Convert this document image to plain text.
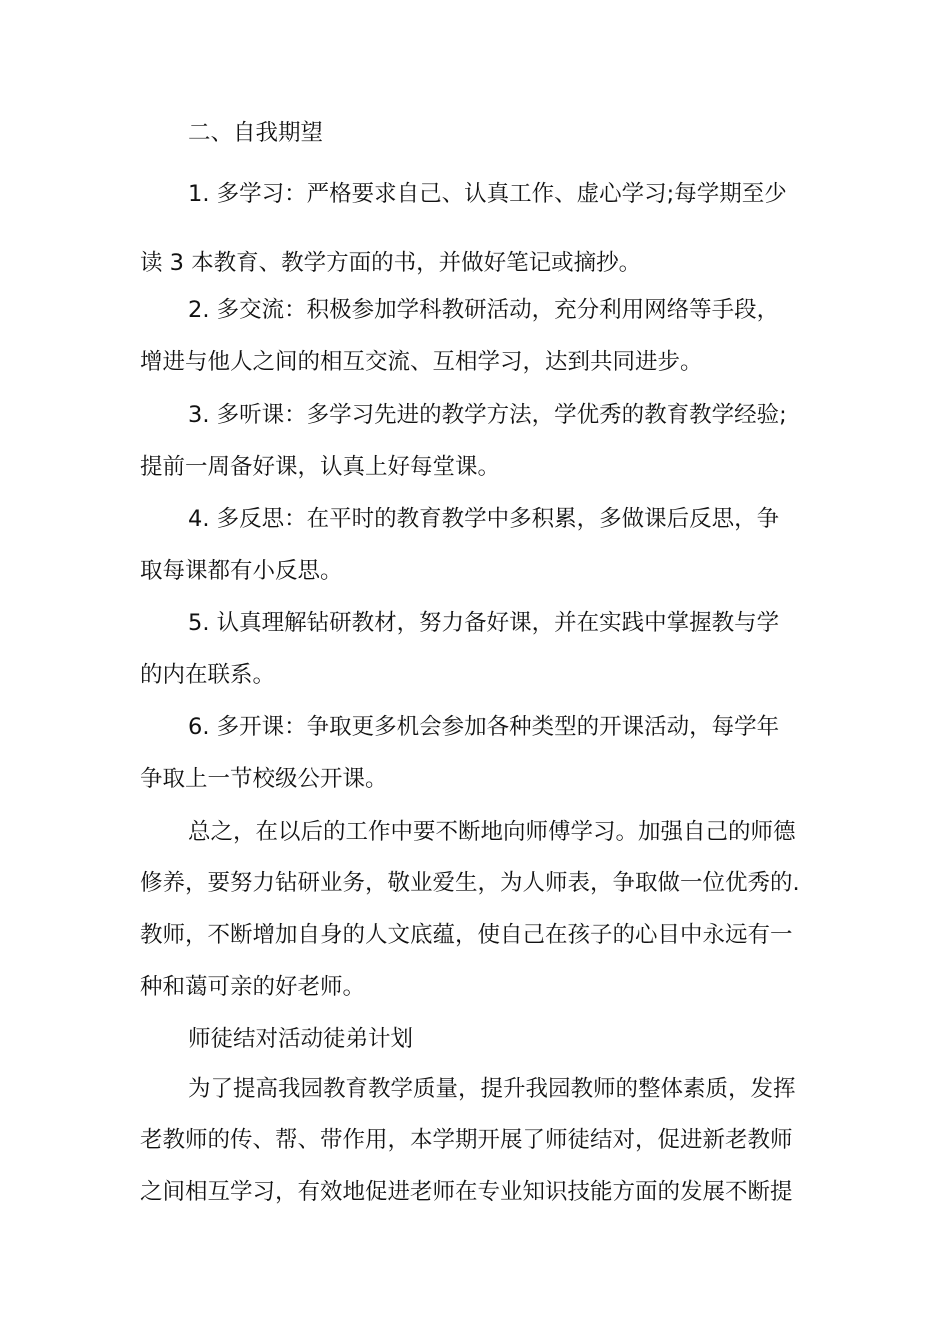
二、自我期望
1. 多学习：严格要求自己、认真工作、虚心学习;每学期至少
读 3 本教育、教学方面的书，并做好笔记或摘抄。
2. 多交流：积极参加学科教研活动，充分利用网络等手段，
增进与他人之间的相互交流、互相学习，达到共同进步。
3. 多听课：多学习先进的教学方法，学优秀的教育教学经验;
提前一周备好课，认真上好每堂课。
4. 多反思：在平时的教育教学中多积累，多做课后反思，争
取每课都有小反思。
5. 认真理解钻研教材，努力备好课，并在实践中掌握教与学
的内在联系。
6. 多开课：争取更多机会参加各种类型的开课活动，每学年
争取上一节校级公开课。
总之，在以后的工作中要不断地向师傅学习。加强自己的师德
修养，要努力钻研业务，敬业爱生，为人师表，争取做一位优秀的.
教师，不断增加自身的人文底蕴，使自己在孩子的心目中永远有一
种和蔼可亲的好老师。
师徒结对活动徒弟计划
为了提高我园教育教学质量，提升我园教师的整体素质，发挥
老教师的传、帮、带作用，本学期开展了师徒结对，促进新老教师
之间相互学习，有效地促进老师在专业知识技能方面的发展不断提
